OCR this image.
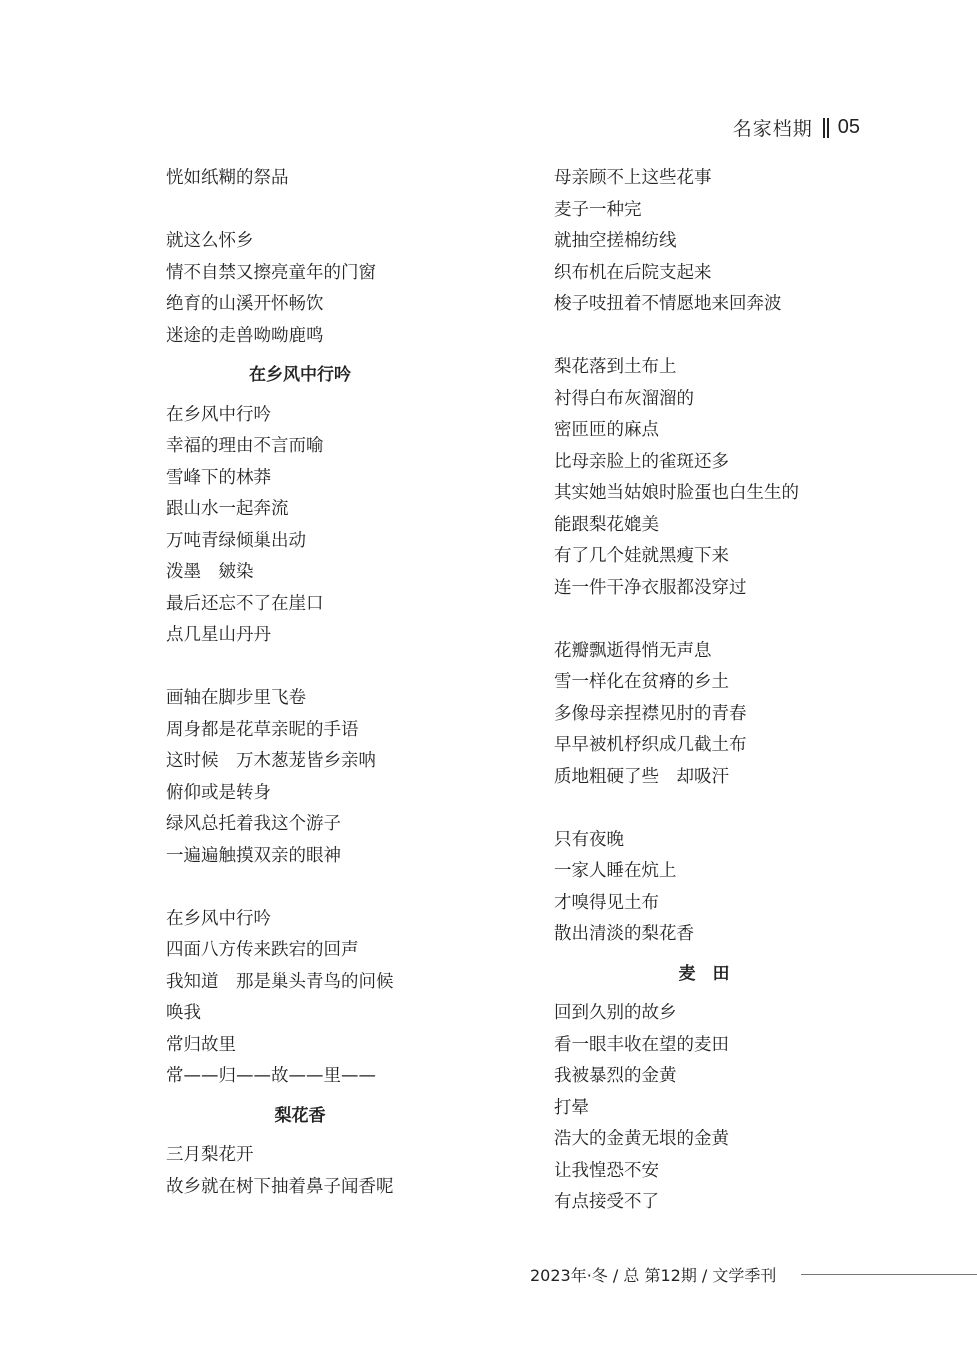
名家档期 05
恍如纸糊的祭品
就这么怀乡
情不自禁又擦亮童年的门窗
绝育的山溪开怀畅饮
迷途的走兽呦呦鹿鸣
在乡风中行吟
在乡风中行吟
幸福的理由不言而喻
雪峰下的林莽
跟山水一起奔流
万吨青绿倾巢出动
泼墨　皴染
最后还忘不了在崖口
点几星山丹丹
画轴在脚步里飞卷
周身都是花草亲昵的手语
这时候　万木葱茏皆乡亲呐
俯仰或是转身
绿风总托着我这个游子
一遍遍触摸双亲的眼神
在乡风中行吟
四面八方传来跌宕的回声
我知道　那是巢头青鸟的问候
唤我
常归故里
常——归——故——里——
梨花香
三月梨花开
故乡就在树下抽着鼻子闻香呢
母亲顾不上这些花事
麦子一种完
就抽空搓棉纺线
织布机在后院支起来
梭子吱扭着不情愿地来回奔波
梨花落到土布上
衬得白布灰溜溜的
密匝匝的麻点
比母亲脸上的雀斑还多
其实她当姑娘时脸蛋也白生生的
能跟梨花媲美
有了几个娃就黑瘦下来
连一件干净衣服都没穿过
花瓣飘逝得悄无声息
雪一样化在贫瘠的乡土
多像母亲捏襟见肘的青春
早早被机杼织成几截土布
质地粗硬了些　却吸汗
只有夜晚
一家人睡在炕上
才嗅得见土布
散出清淡的梨花香
麦　田
回到久别的故乡
看一眼丰收在望的麦田
我被暴烈的金黄
打晕
浩大的金黄无垠的金黄
让我惶恐不安
有点接受不了
2023年·冬 / 总 第12期 / 文学季刊
